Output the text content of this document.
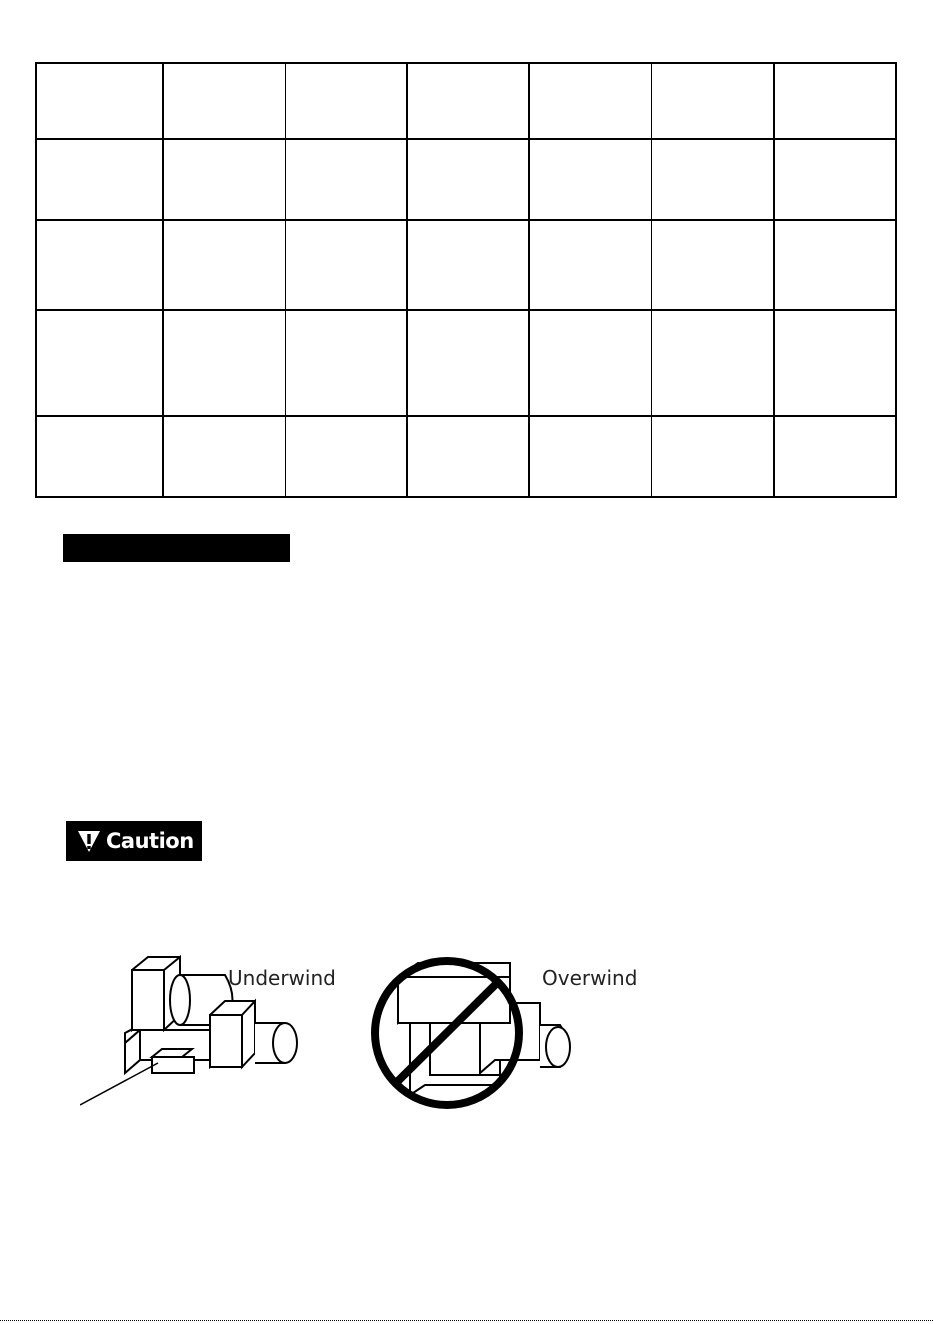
Caution
Underwind	Overwind
